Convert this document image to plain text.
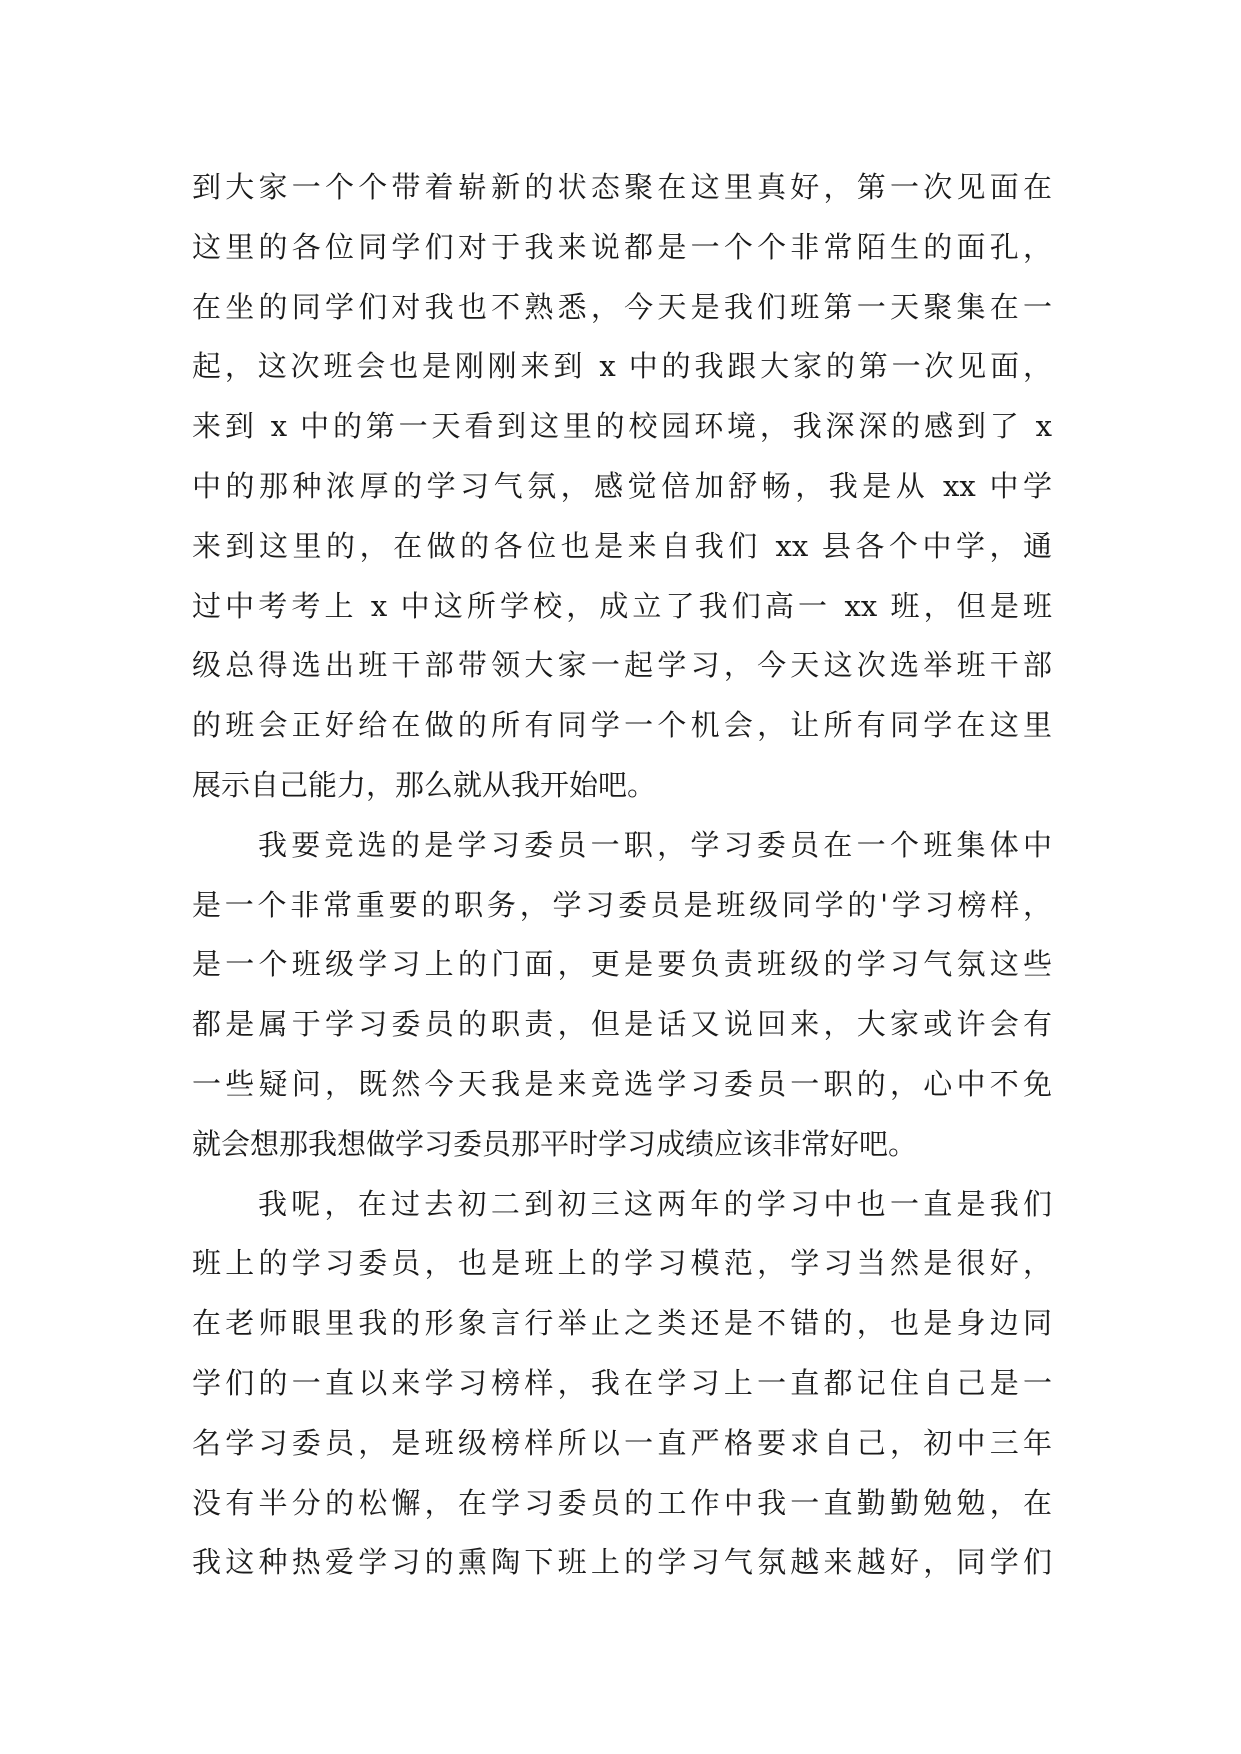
到大家一个个带着崭新的状态聚在这里真好，第一次见面在
这里的各位同学们对于我来说都是一个个非常陌生的面孔，
在坐的同学们对我也不熟悉，今天是我们班第一天聚集在一
起，这次班会也是刚刚来到 x 中的我跟大家的第一次见面，
来到 x 中的第一天看到这里的校园环境，我深深的感到了 x
中的那种浓厚的学习气氛，感觉倍加舒畅，我是从 xx 中学
来到这里的，在做的各位也是来自我们 xx 县各个中学，通
过中考考上 x 中这所学校，成立了我们高一 xx 班，但是班
级总得选出班干部带领大家一起学习，今天这次选举班干部
的班会正好给在做的所有同学一个机会，让所有同学在这里
展示自己能力，那么就从我开始吧。
我要竞选的是学习委员一职，学习委员在一个班集体中
是一个非常重要的职务，学习委员是班级同学的'学习榜样，
是一个班级学习上的门面，更是要负责班级的学习气氛这些
都是属于学习委员的职责，但是话又说回来，大家或许会有
一些疑问，既然今天我是来竞选学习委员一职的，心中不免
就会想那我想做学习委员那平时学习成绩应该非常好吧。
我呢，在过去初二到初三这两年的学习中也一直是我们
班上的学习委员，也是班上的学习模范，学习当然是很好，
在老师眼里我的形象言行举止之类还是不错的，也是身边同
学们的一直以来学习榜样，我在学习上一直都记住自己是一
名学习委员，是班级榜样所以一直严格要求自己，初中三年
没有半分的松懈，在学习委员的工作中我一直勤勤勉勉，在
我这种热爱学习的熏陶下班上的学习气氛越来越好，同学们
